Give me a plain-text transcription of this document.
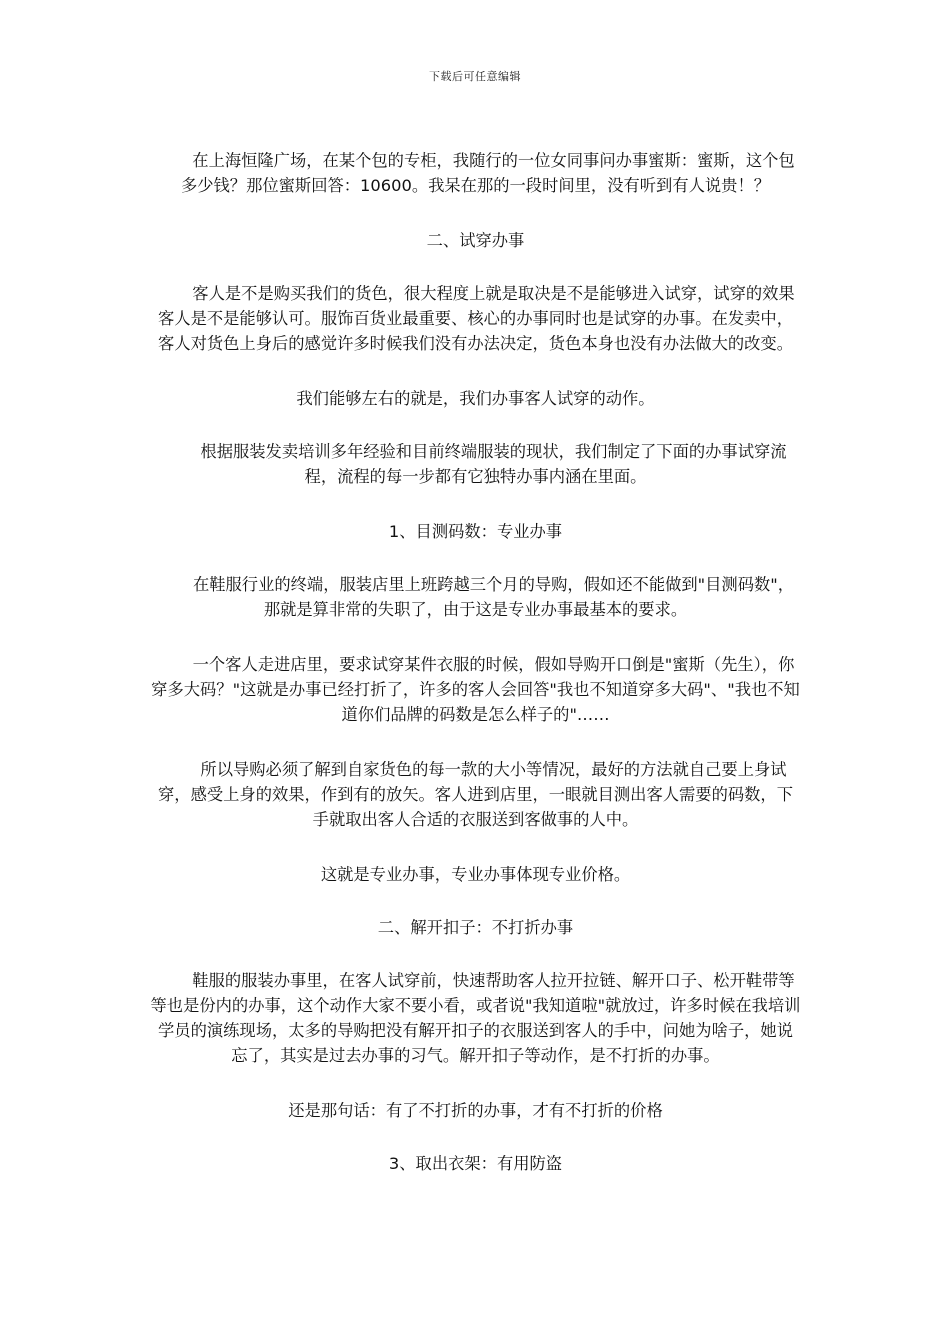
下载后可任意编辑

在上海恒隆广场，在某个包的专柜，我随行的一位女同事问办事蜜斯：蜜斯，这个包多少钱？那位蜜斯回答：10600。我呆在那的一段时间里，没有听到有人说贵！？

二、试穿办事

客人是不是购买我们的货色，很大程度上就是取决是不是能够进入试穿，试穿的效果客人是不是能够认可。服饰百货业最重要、核心的办事同时也是试穿的办事。在发卖中，客人对货色上身后的感觉许多时候我们没有办法决定，货色本身也没有办法做大的改变。

我们能够左右的就是，我们办事客人试穿的动作。

根据服装发卖培训多年经验和目前终端服装的现状，我们制定了下面的办事试穿流程，流程的每一步都有它独特办事内涵在里面。

1、目测码数：专业办事

在鞋服行业的终端，服装店里上班跨越三个月的导购，假如还不能做到"目测码数"，那就是算非常的失职了，由于这是专业办事最基本的要求。

一个客人走进店里，要求试穿某件衣服的时候，假如导购开口倒是"蜜斯（先生），你穿多大码？"这就是办事已经打折了，许多的客人会回答"我也不知道穿多大码"、"我也不知道你们品牌的码数是怎么样子的"……

所以导购必须了解到自家货色的每一款的大小等情况，最好的方法就自己要上身试穿，感受上身的效果，作到有的放矢。客人进到店里，一眼就目测出客人需要的码数，下手就取出客人合适的衣服送到客做事的人中。

这就是专业办事，专业办事体现专业价格。

二、解开扣子：不打折办事

鞋服的服装办事里，在客人试穿前，快速帮助客人拉开拉链、解开口子、松开鞋带等等也是份内的办事，这个动作大家不要小看，或者说"我知道啦"就放过，许多时候在我培训学员的演练现场，太多的导购把没有解开扣子的衣服送到客人的手中，问她为啥子，她说忘了，其实是过去办事的习气。解开扣子等动作，是不打折的办事。

还是那句话：有了不打折的办事，才有不打折的价格

3、取出衣架：有用防盗
